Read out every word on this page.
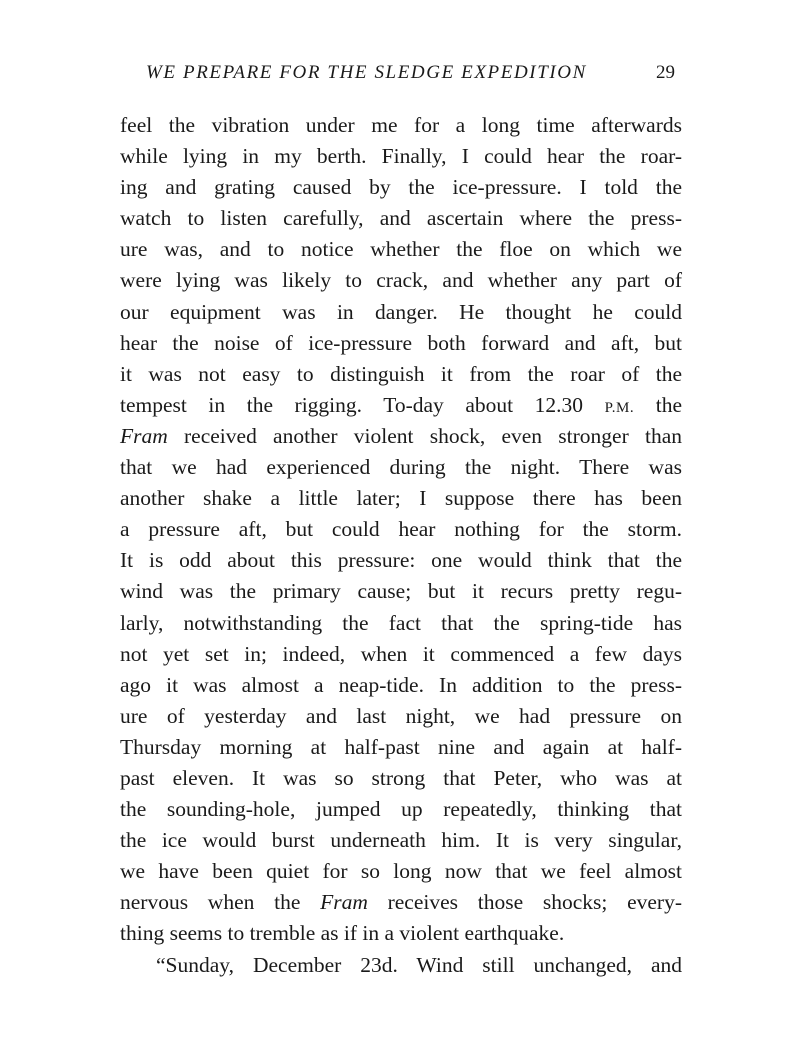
WE PREPARE FOR THE SLEDGE EXPEDITION	29
feel the vibration under me for a long time afterwards
while lying in my berth. Finally, I could hear the roar-
ing and grating caused by the ice-pressure. I told the
watch to listen carefully, and ascertain where the press-
ure was, and to notice whether the floe on which we
were lying was likely to crack, and whether any part of
our equipment was in danger. He thought he could
hear the noise of ice-pressure both forward and aft, but
it was not easy to distinguish it from the roar of the
tempest in the rigging. To-day about 12.30 P.M. the
Fram received another violent shock, even stronger than
that we had experienced during the night. There was
another shake a little later; I suppose there has been
a pressure aft, but could hear nothing for the storm.
It is odd about this pressure: one would think that the
wind was the primary cause; but it recurs pretty regu-
larly, notwithstanding the fact that the spring-tide has
not yet set in; indeed, when it commenced a few days
ago it was almost a neap-tide. In addition to the press-
ure of yesterday and last night, we had pressure on
Thursday morning at half-past nine and again at half-
past eleven. It was so strong that Peter, who was at
the sounding-hole, jumped up repeatedly, thinking that
the ice would burst underneath him. It is very singular,
we have been quiet for so long now that we feel almost
nervous when the Fram receives those shocks; every-
thing seems to tremble as if in a violent earthquake.
“Sunday, December 23d. Wind still unchanged, and
